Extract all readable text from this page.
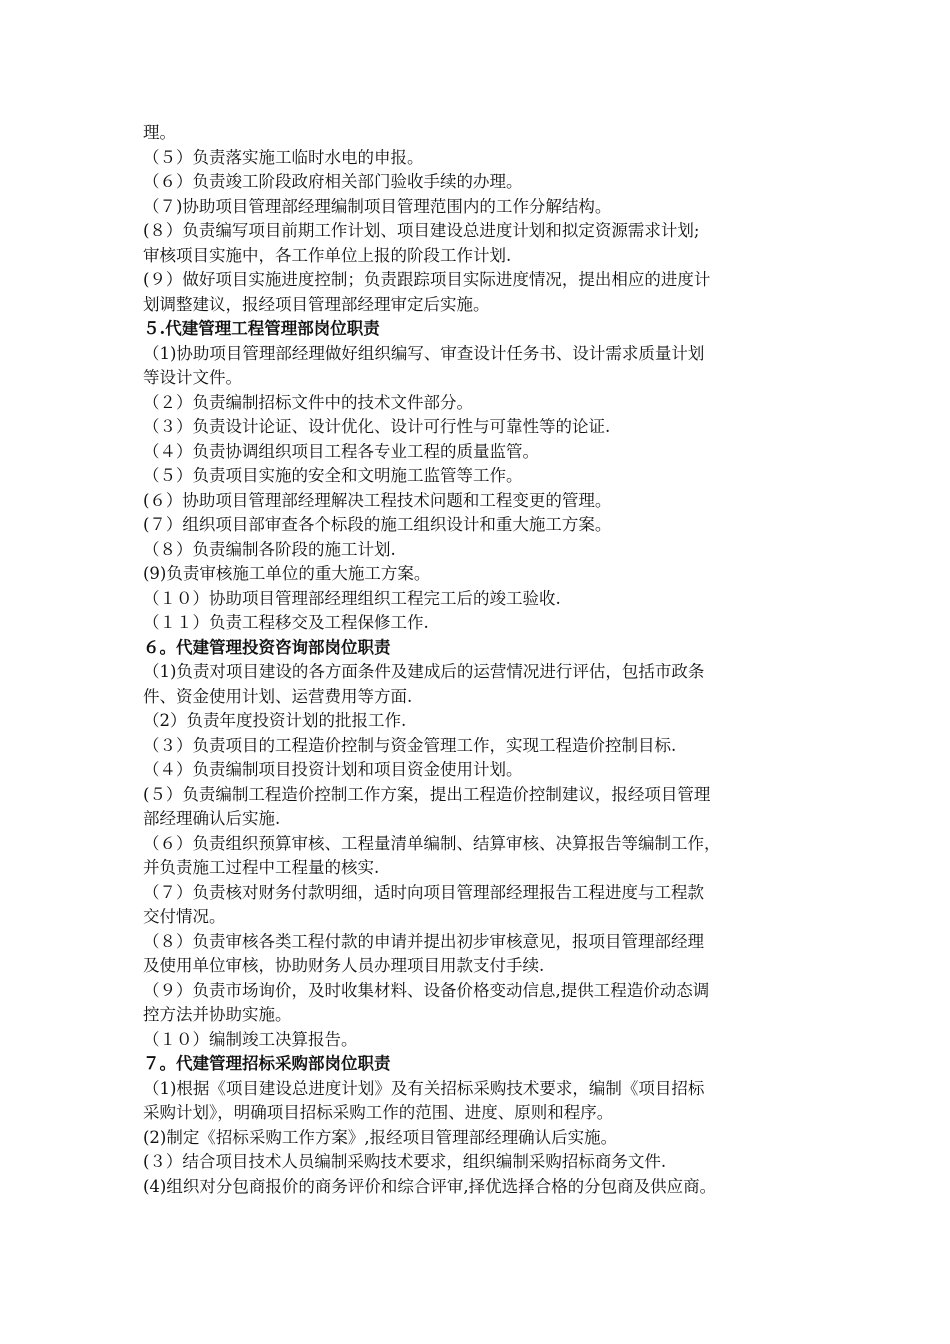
理。
（５）负责落实施工临时水电的申报。
（６）负责竣工阶段政府相关部门验收手续的办理。
（７)协助项目管理部经理编制项目管理范围内的工作分解结构。
(８）负责编写项目前期工作计划、项目建设总进度计划和拟定资源需求计划;
审核项目实施中，各工作单位上报的阶段工作计划.
(９）做好项目实施进度控制；负责跟踪项目实际进度情况，提出相应的进度计
划调整建议，报经项目管理部经理审定后实施。
５.代建管理工程管理部岗位职责
（1)协助项目管理部经理做好组织编写、审查设计任务书、设计需求质量计划
等设计文件。
（２）负责编制招标文件中的技术文件部分。
（３）负责设计论证、设计优化、设计可行性与可靠性等的论证.
（４）负责协调组织项目工程各专业工程的质量监管。
（５）负责项目实施的安全和文明施工监管等工作。
(６）协助项目管理部经理解决工程技术问题和工程变更的管理。
(７）组织项目部审查各个标段的施工组织设计和重大施工方案。
（８）负责编制各阶段的施工计划.
(9)负责审核施工单位的重大施工方案。
（１０）协助项目管理部经理组织工程完工后的竣工验收.
（１１）负责工程移交及工程保修工作.
６。代建管理投资咨询部岗位职责
（1)负责对项目建设的各方面条件及建成后的运营情况进行评估，包括市政条
件、资金使用计划、运营费用等方面.
（2）负责年度投资计划的批报工作.
（３）负责项目的工程造价控制与资金管理工作，实现工程造价控制目标.
（４）负责编制项目投资计划和项目资金使用计划。
(５）负责编制工程造价控制工作方案，提出工程造价控制建议，报经项目管理
部经理确认后实施.
（６）负责组织预算审核、工程量清单编制、结算审核、决算报告等编制工作，
并负责施工过程中工程量的核实.
（７）负责核对财务付款明细，适时向项目管理部经理报告工程进度与工程款
交付情况。
（８）负责审核各类工程付款的申请并提出初步审核意见，报项目管理部经理
及使用单位审核，协助财务人员办理项目用款支付手续.
（９）负责市场询价，及时收集材料、设备价格变动信息,提供工程造价动态调
控方法并协助实施。
（１０）编制竣工决算报告。
７。代建管理招标采购部岗位职责
（1)根据《项目建设总进度计划》及有关招标采购技术要求，编制《项目招标
采购计划》，明确项目招标采购工作的范围、进度、原则和程序。
(2)制定《招标采购工作方案》,报经项目管理部经理确认后实施。
(３）结合项目技术人员编制采购技术要求，组织编制采购招标商务文件.
(4)组织对分包商报价的商务评价和综合评审,择优选择合格的分包商及供应商。
